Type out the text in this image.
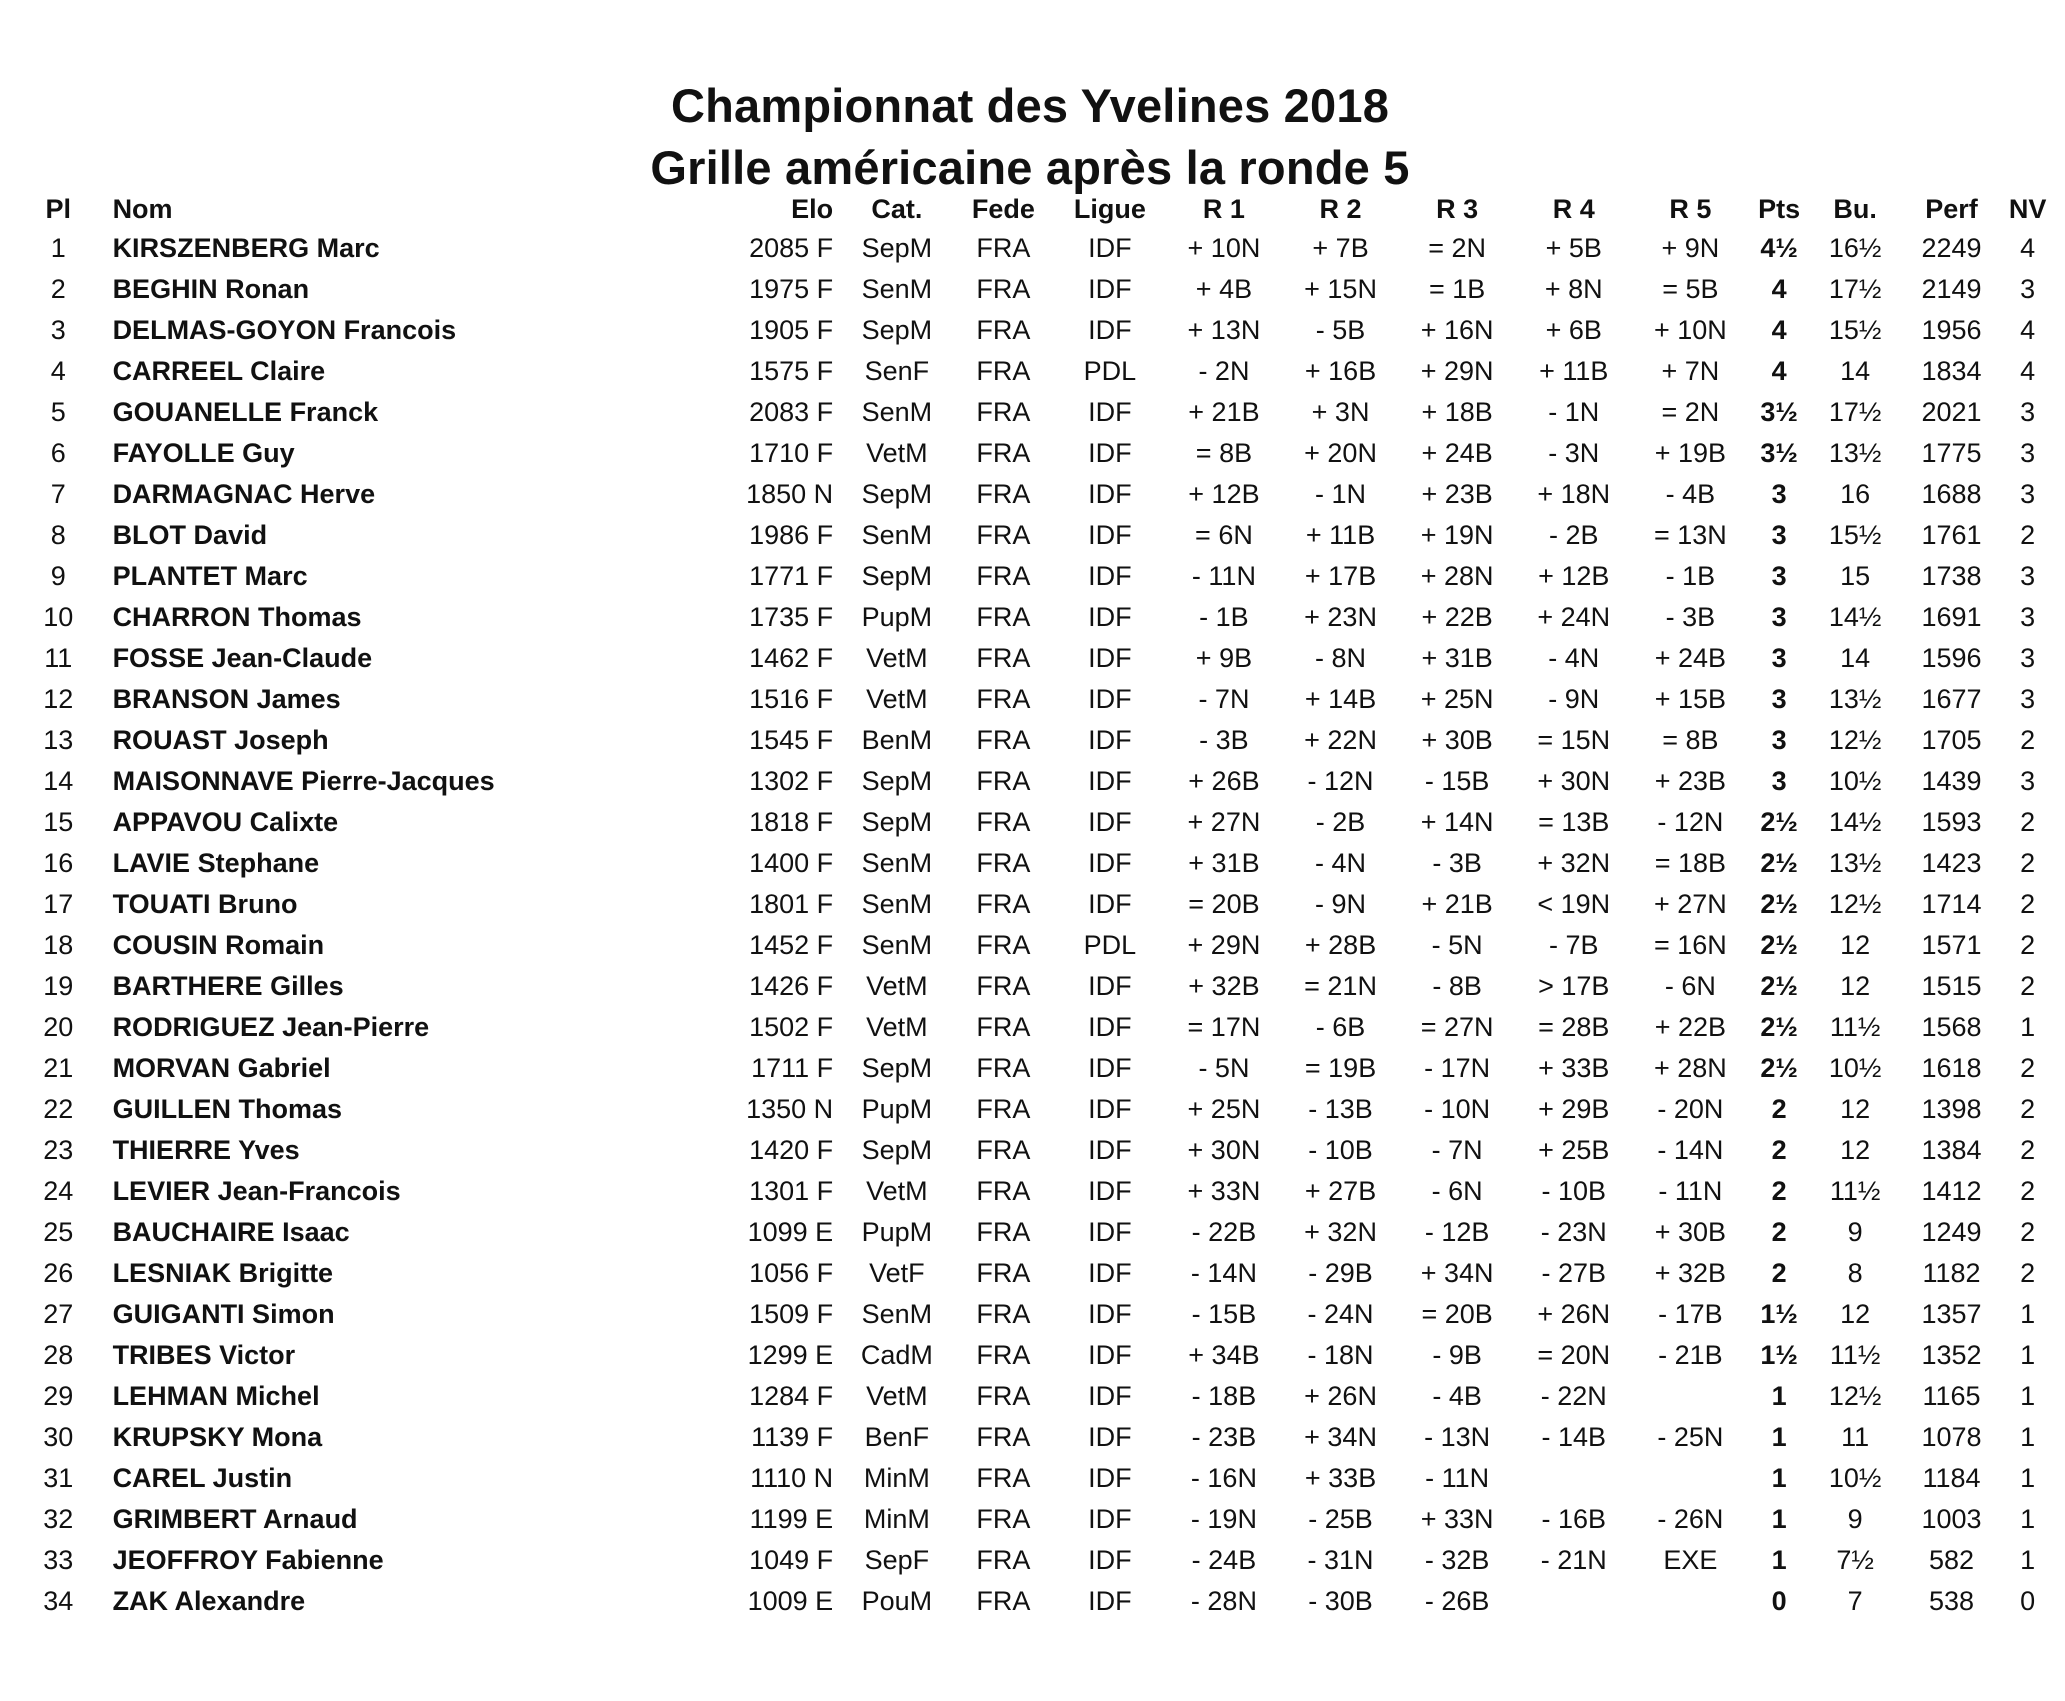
Championnat des Yvelines 2018
Grille américaine après la ronde 5
Pl	Nom	Elo	Cat.	Fede	Ligue	R 1	R 2	R 3	R 4	R 5	Pts	Bu.	Perf	NV
1	KIRSZENBERG Marc	2085 F	SepM	FRA	IDF	+ 10N	+ 7B	= 2N	+ 5B	+ 9N	4½	16½	2249	4
2	BEGHIN Ronan	1975 F	SenM	FRA	IDF	+ 4B	+ 15N	= 1B	+ 8N	= 5B	4	17½	2149	3
3	DELMAS-GOYON Francois	1905 F	SepM	FRA	IDF	+ 13N	- 5B	+ 16N	+ 6B	+ 10N	4	15½	1956	4
4	CARREEL Claire	1575 F	SenF	FRA	PDL	- 2N	+ 16B	+ 29N	+ 11B	+ 7N	4	14	1834	4
5	GOUANELLE Franck	2083 F	SenM	FRA	IDF	+ 21B	+ 3N	+ 18B	- 1N	= 2N	3½	17½	2021	3
6	FAYOLLE Guy	1710 F	VetM	FRA	IDF	= 8B	+ 20N	+ 24B	- 3N	+ 19B	3½	13½	1775	3
7	DARMAGNAC Herve	1850 N	SepM	FRA	IDF	+ 12B	- 1N	+ 23B	+ 18N	- 4B	3	16	1688	3
8	BLOT David	1986 F	SenM	FRA	IDF	= 6N	+ 11B	+ 19N	- 2B	= 13N	3	15½	1761	2
9	PLANTET Marc	1771 F	SepM	FRA	IDF	- 11N	+ 17B	+ 28N	+ 12B	- 1B	3	15	1738	3
10	CHARRON Thomas	1735 F	PupM	FRA	IDF	- 1B	+ 23N	+ 22B	+ 24N	- 3B	3	14½	1691	3
11	FOSSE Jean-Claude	1462 F	VetM	FRA	IDF	+ 9B	- 8N	+ 31B	- 4N	+ 24B	3	14	1596	3
12	BRANSON James	1516 F	VetM	FRA	IDF	- 7N	+ 14B	+ 25N	- 9N	+ 15B	3	13½	1677	3
13	ROUAST Joseph	1545 F	BenM	FRA	IDF	- 3B	+ 22N	+ 30B	= 15N	= 8B	3	12½	1705	2
14	MAISONNAVE Pierre-Jacques	1302 F	SepM	FRA	IDF	+ 26B	- 12N	- 15B	+ 30N	+ 23B	3	10½	1439	3
15	APPAVOU Calixte	1818 F	SepM	FRA	IDF	+ 27N	- 2B	+ 14N	= 13B	- 12N	2½	14½	1593	2
16	LAVIE Stephane	1400 F	SenM	FRA	IDF	+ 31B	- 4N	- 3B	+ 32N	= 18B	2½	13½	1423	2
17	TOUATI Bruno	1801 F	SenM	FRA	IDF	= 20B	- 9N	+ 21B	< 19N	+ 27N	2½	12½	1714	2
18	COUSIN Romain	1452 F	SenM	FRA	PDL	+ 29N	+ 28B	- 5N	- 7B	= 16N	2½	12	1571	2
19	BARTHERE Gilles	1426 F	VetM	FRA	IDF	+ 32B	= 21N	- 8B	> 17B	- 6N	2½	12	1515	2
20	RODRIGUEZ Jean-Pierre	1502 F	VetM	FRA	IDF	= 17N	- 6B	= 27N	= 28B	+ 22B	2½	11½	1568	1
21	MORVAN Gabriel	1711 F	SepM	FRA	IDF	- 5N	= 19B	- 17N	+ 33B	+ 28N	2½	10½	1618	2
22	GUILLEN Thomas	1350 N	PupM	FRA	IDF	+ 25N	- 13B	- 10N	+ 29B	- 20N	2	12	1398	2
23	THIERRE Yves	1420 F	SepM	FRA	IDF	+ 30N	- 10B	- 7N	+ 25B	- 14N	2	12	1384	2
24	LEVIER Jean-Francois	1301 F	VetM	FRA	IDF	+ 33N	+ 27B	- 6N	- 10B	- 11N	2	11½	1412	2
25	BAUCHAIRE Isaac	1099 E	PupM	FRA	IDF	- 22B	+ 32N	- 12B	- 23N	+ 30B	2	9	1249	2
26	LESNIAK Brigitte	1056 F	VetF	FRA	IDF	- 14N	- 29B	+ 34N	- 27B	+ 32B	2	8	1182	2
27	GUIGANTI Simon	1509 F	SenM	FRA	IDF	- 15B	- 24N	= 20B	+ 26N	- 17B	1½	12	1357	1
28	TRIBES Victor	1299 E	CadM	FRA	IDF	+ 34B	- 18N	- 9B	= 20N	- 21B	1½	11½	1352	1
29	LEHMAN Michel	1284 F	VetM	FRA	IDF	- 18B	+ 26N	- 4B	- 22N		1	12½	1165	1
30	KRUPSKY Mona	1139 F	BenF	FRA	IDF	- 23B	+ 34N	- 13N	- 14B	- 25N	1	11	1078	1
31	CAREL Justin	1110 N	MinM	FRA	IDF	- 16N	+ 33B	- 11N			1	10½	1184	1
32	GRIMBERT Arnaud	1199 E	MinM	FRA	IDF	- 19N	- 25B	+ 33N	- 16B	- 26N	1	9	1003	1
33	JEOFFROY Fabienne	1049 F	SepF	FRA	IDF	- 24B	- 31N	- 32B	- 21N	EXE	1	7½	582	1
34	ZAK Alexandre	1009 E	PouM	FRA	IDF	- 28N	- 30B	- 26B			0	7	538	0
